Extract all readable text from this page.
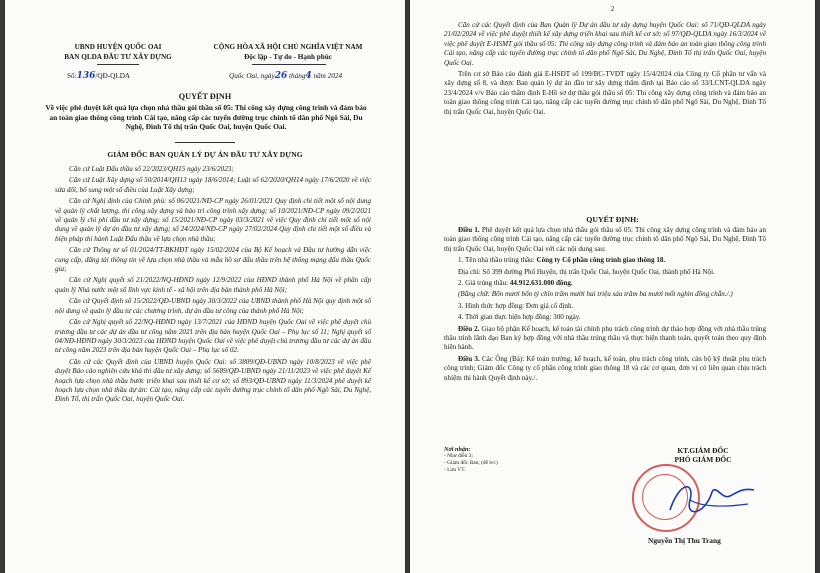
UBND HUYỆN QUỐC OAI
BAN QLDA ĐẦU TƯ XÂY DỰNG
Số:136/QĐ-QLDA
CỘNG HÒA XÃ HỘI CHỦ NGHĨA VIỆT NAM
Độc lập - Tự do - Hạnh phúc
Quốc Oai, ngày26 tháng4 năm 2024
QUYẾT ĐỊNH
Về việc phê duyệt kết quả lựa chọn nhà thầu gói thầu số 05: Thi công xây dựng công trình và đảm bảo an toàn giao thông công trình Cải tạo, nâng cấp các tuyến đường trục chính tổ dân phố Ngô Sài, Du Nghệ, Đình Tổ thị trấn Quốc Oai, huyện Quốc Oai.
GIÁM ĐỐC BAN QUẢN LÝ DỰ ÁN ĐẦU TƯ XÂY DỰNG
Căn cứ Luật Đấu thầu số 22/2023/QH15 ngày 23/6/2023;
Căn cứ Luật Xây dựng số 50/2014/QH13 ngày 18/6/2014; Luật số 62/2020/QH14 ngày 17/6/2020 về việc sửa đổi, bổ sung một số điều của Luật Xây dựng;
Căn cứ Nghị định của Chính phủ: số 06/2021/NĐ-CP ngày 26/01/2021 Quy định chi tiết một số nội dung về quản lý chất lượng, thi công xây dựng và bảo trì công trình xây dựng; số 10/2021/NĐ-CP ngày 09/2/2021 về quản lý chi phí đầu tư xây dựng; số 15/2021/NĐ-CP ngày 03/3/2021 về việc Quy định chi tiết một số nội dung về quản lý dự án đầu tư xây dựng; số 24/2024/NĐ-CP ngày 27/02/2024 Quy định chi tiết một số điều và biện pháp thi hành Luật Đấu thầu về lựa chọn nhà thầu;
Căn cứ Thông tư số 01/2024/TT-BKHĐT ngày 15/02/2024 của Bộ Kế hoạch và Đầu tư hướng dẫn việc cung cấp, đăng tải thông tin về lựa chọn nhà thầu và mẫu hồ sơ đấu thầu trên hệ thống mạng đấu thầu Quốc gia;
Căn cứ Nghị quyết số 21/2022/NQ-HĐND ngày 12/9/2022 của HĐND thành phố Hà Nội về phân cấp quản lý Nhà nước một số lĩnh vực kinh tế - xã hội trên địa bàn thành phố Hà Nội;
Căn cứ Quyết định số 15/2022/QĐ-UBND ngày 30/3/2022 của UBND thành phố Hà Nội quy định một số nội dung về quản lý đầu tư các chương trình, dự án đầu tư công của thành phố Hà Nội;
Căn cứ Nghị quyết số 22/NQ-HĐND ngày 13/7/2021 của HĐND huyện Quốc Oai về việc phê duyệt chủ trương đầu tư các dự án đầu tư công năm 2021 trên địa bàn huyện Quốc Oai – Phụ lục số 11; Nghị quyết số 04/NĐ-HĐND ngày 30/3/2023 của HĐND huyện Quốc Oai về việc phê duyệt chủ trương đầu tư các dự án đầu tư công năm 2023 trên địa bàn huyện Quốc Oai – Phụ lục số 02.
Căn cứ các Quyết định của UBND huyện Quốc Oai: số 3809/QĐ-UBND ngày 10/8/2023 về việc phê duyệt Báo cáo nghiên cứu khả thi đầu tư xây dựng; số 5689/QĐ-UBND ngày 21/11/2023 về việc phê duyệt Kế hoạch lựa chọn nhà thầu bước triển khai sau thiết kế cơ sở; số 893/QĐ-UBND ngày 11/3/2024 phê duyệt kế hoạch lựa chọn nhà thầu dự án: Cải tạo, nâng cấp các tuyến đường trục chính tổ dân phố Ngô Sài, Du Nghệ, Đình Tổ, thị trấn Quốc Oai, huyện Quốc Oai.
2
Căn cứ các Quyết định của Ban Quản lý Dự án đầu tư xây dựng huyện Quốc Oai: số 71/QĐ-QLDA ngày 21/02/2024 về việc phê duyệt thiết kế xây dựng triển khai sau thiết kế cơ sở; số 97/QĐ-QLDA ngày 16/3/2024 về việc phê duyệt E-HSMT gói thầu số 05: Thi công xây dựng công trình và đảm bảo an toàn giao thông công trình Cải tạo, nâng cấp các tuyến đường trục chính tổ dân phố Ngô Sài, Du Nghệ, Đình Tổ thị trấn Quốc Oai, huyện Quốc Oai.
Trên cơ sở Báo cáo đánh giá E-HSĐT số 199/BC-TVĐT ngày 15/4/2024 của Công ty Cổ phần tư vấn và xây dựng số 8, và được Ban quản lý dự án đầu tư xây dựng thẩm định tại Báo cáo số 33/LCNT-QLDA ngày 23/4/2024 v/v Báo cáo thẩm định E-Hồ sơ dự thầu gói thầu số 05: Thi công xây dựng công trình và đảm bảo an toàn giao thông công trình Cải tạo, nâng cấp các tuyến đường trục chính tổ dân phố Ngô Sài, Du Nghệ, Đình Tổ thị trấn Quốc Oai, huyện Quốc Oai.
QUYẾT ĐỊNH:
Điều 1. Phê duyệt kết quả lựa chọn nhà thầu gói thầu số 05: Thi công xây dựng công trình và đảm bảo an toàn giao thông công trình Cải tạo, nâng cấp các tuyến đường trục chính tổ dân phố Ngô Sài, Du Nghệ, Đình Tổ thị trấn Quốc Oai, huyện Quốc Oai với các nội dung sau:
1. Tên nhà thầu trúng thầu: Công ty Cổ phần công trình giao thông 18.
Địa chỉ: Số 399 đường Phố Huyện, thị trấn Quốc Oai, huyện Quốc Oai, thành phố Hà Nội.
2. Giá trúng thầu: 44.912.631.000 đồng.
(Bằng chữ: Bốn mươi bốn tỷ chín trăm mười hai triệu sáu trăm ba mươi mốt nghìn đồng chẵn./.)
3. Hình thức hợp đồng: Đơn giá cố định.
4. Thời gian thực hiện hợp đồng: 300 ngày.
Điều 2. Giao bộ phận Kế hoạch, kế toán tài chính phụ trách công trình dự thảo hợp đồng với nhà thầu trúng thầu trình lãnh đạo Ban ký hợp đồng với nhà thầu trúng thầu và thực hiện thanh toán, quyết toán theo quy định hiện hành.
Điều 3. Các Ông (Bà): Kế toán trưởng, kế hoạch, kế toán, phụ trách công trình, cán bộ kỹ thuật phụ trách công trình; Giám đốc Công ty cổ phần công trình giao thông 18 và các cơ quan, đơn vị có liên quan chịu trách nhiệm thi hành Quyết định này./.
Nơi nhận:
- Như điều 3;
- Giám đốc Ban; (để b/c)
- Lưu VT.
KT.GIÁM ĐỐC
PHÓ GIÁM ĐỐC
Nguyễn Thị Thu Trang
